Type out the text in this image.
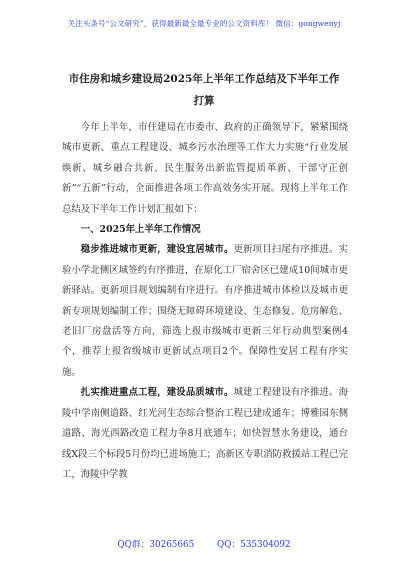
关注头条号“公文研究”，获得最新最全最专业的公文资料库！ 微信：gongwenyj
市住房和城乡建设局2025年上半年工作总结及下半年工作
打算

今年上半年，市住建局在市委市、政府的正确领导下，紧紧围绕城市更新、重点工程建设、城乡污水治理等工作大力实施“行业发展焕新、城乡融合共新、民生服务出新监管提质革新、干部守正创新”“五新”行动，全面推进各项工作高效务实开展。现将上半年工作总结及下半年工作计划汇报如下：

一、2025年上半年工作情况

稳步推进城市更新，建设宜居城市。更新项目扫尾有序推进。实验小学北侧区域签约有序推进，在原化工厂宿舍区已建成10间城市更新驿站。更新项目规划编制有序进行。有序推进城市体检以及城市更新专项规划编制工作；围绕无障碍环境建设、生态修复、危房解危、老旧厂房盘活等方向，筛选上报市级城市更新三年行动典型案例4个，推荐上报省级城市更新试点项目2个。保障性安居工程有序实施。

扎实推进重点工程，建设品质城市。城建工程建设有序推进。海陵中学南侧道路、红光河生态综合整治工程已建成通车；博雅园东侧道路、海光西路改造工程力争8月底通车；如快智慧水务建设，通台线X段三个标段5月份均已进场施工；高新区专职消防救援站工程已完工，海陵中学教

QQ群：30265665	QQ：535304092
